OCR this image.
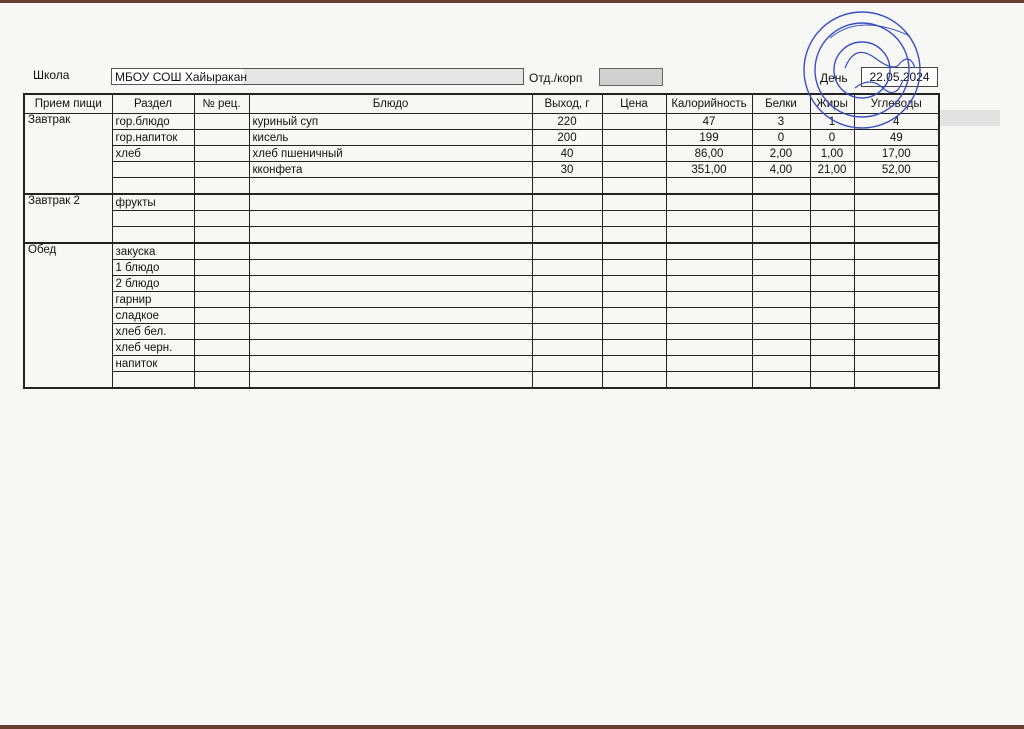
Школа	МБОУ СОШ Хайыракан	Отд./корп	День	22.05.2024
Прием пищи	Раздел	№ рец.	Блюдо	Выход, г	Цена	Калорийность	Белки	Жиры	Углеводы
Завтрак	гор.блюдо		куриный суп	220		47	3	1	4
	гор.напиток		кисель	200		199	0	0	49
	хлеб		хлеб пшеничный	40		86,00	2,00	1,00	17,00
			кконфета	30		351,00	4,00	21,00	52,00

Завтрак 2	фрукты								

Обед	закуска								
	1 блюдо								
	2 блюдо								
	гарнир								
	сладкое								
	хлеб бел.								
	хлеб черн.								
	напиток								
